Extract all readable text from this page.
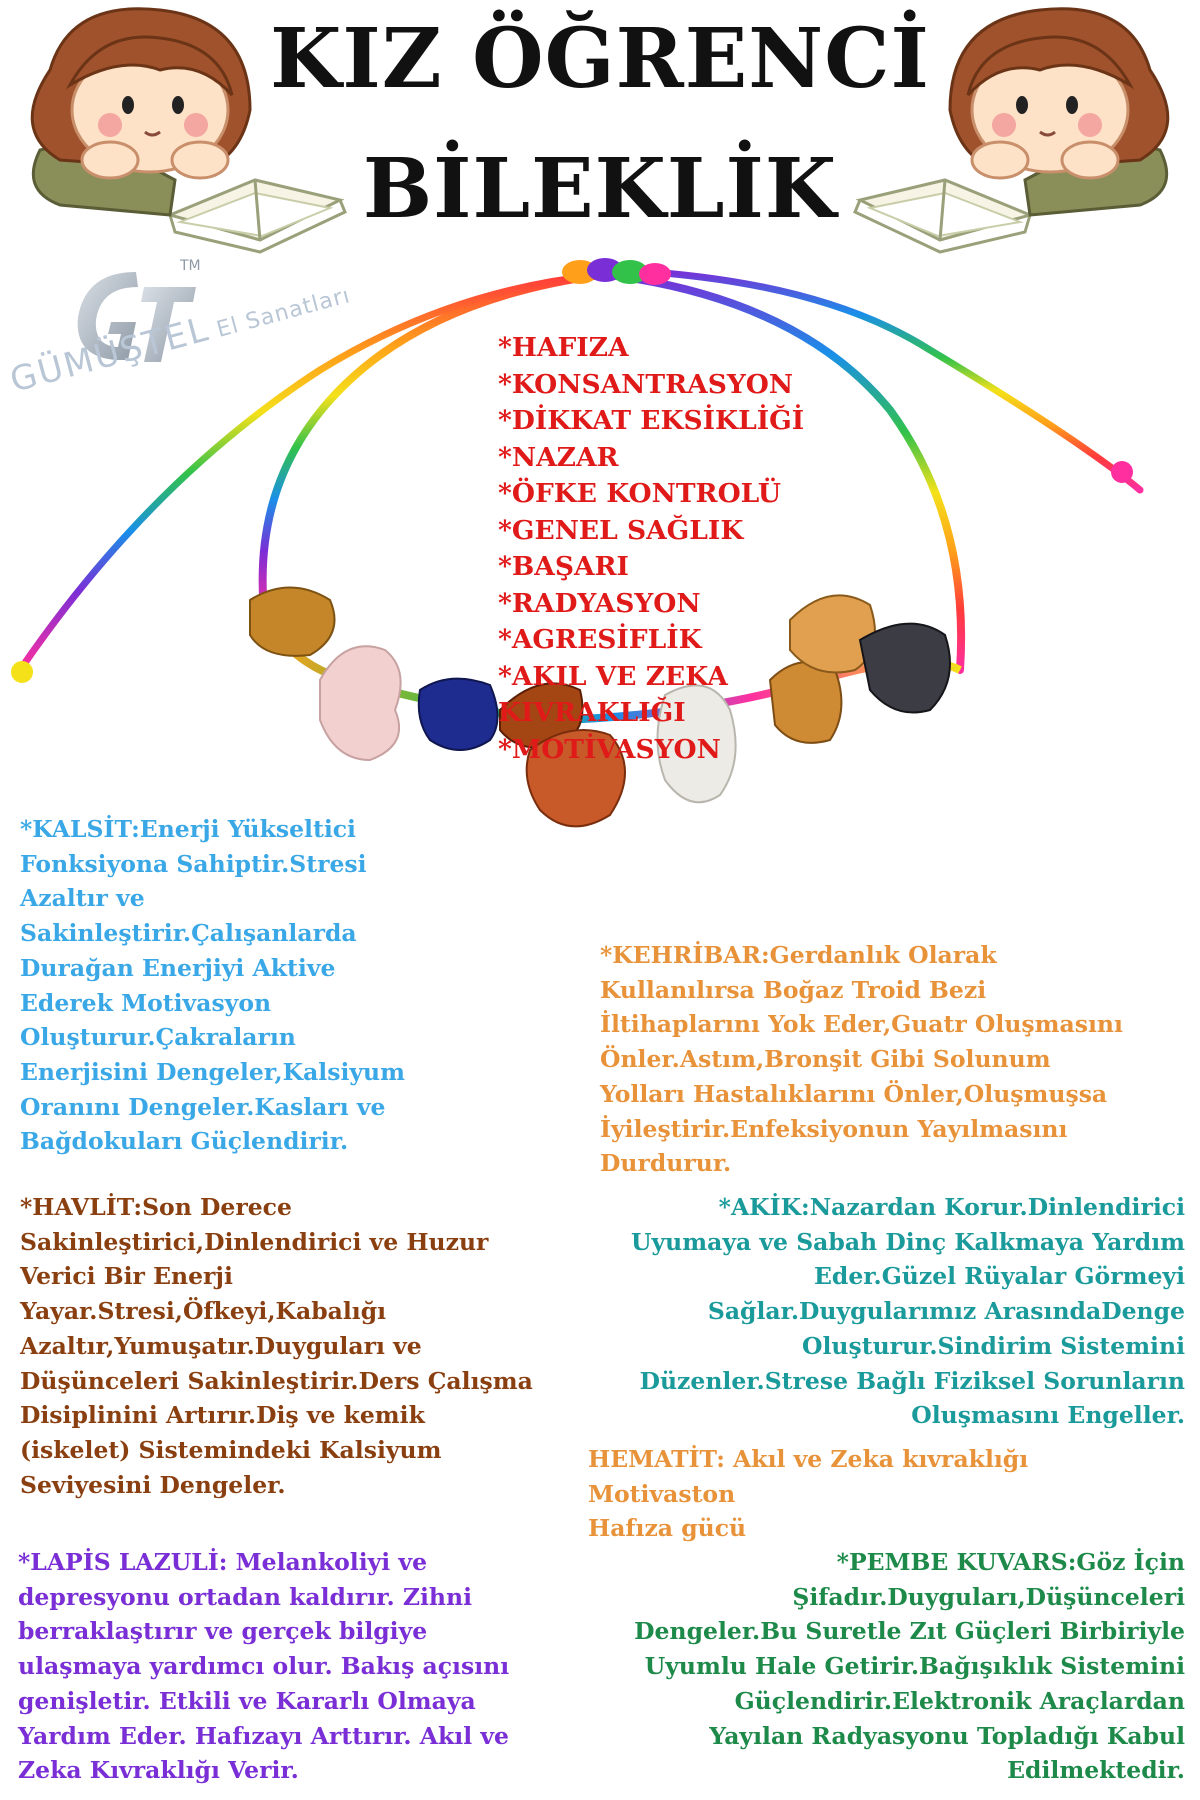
KIZ ÖĞRENCİ
BİLEKLİK
TM
GÜMÜŞTELEl Sanatları
*HAFIZA
*KONSANTRASYON
*DİKKAT EKSİKLİĞİ
*NAZAR
*ÖFKE KONTROLÜ
*GENEL SAĞLIK
*BAŞARI
*RADYASYON
*AGRESİFLİK
*AKIL VE ZEKA
KIVRAKLIĞI
*MOTİVASYON
*KALSİT:Enerji Yükseltici
Fonksiyona Sahiptir.Stresi
Azaltır ve
Sakinleştirir.Çalışanlarda
Durağan Enerjiyi Aktive
Ederek Motivasyon
Oluşturur.Çakraların
Enerjisini Dengeler,Kalsiyum
Oranını Dengeler.Kasları ve
Bağdokuları Güçlendirir.
*KEHRİBAR:Gerdanlık Olarak
Kullanılırsa Boğaz Troid Bezi
İltihaplarını Yok Eder,Guatr Oluşmasını
Önler.Astım,Bronşit Gibi Solunum
Yolları Hastalıklarını Önler,Oluşmuşsa
İyileştirir.Enfeksiyonun Yayılmasını
Durdurur.
*HAVLİT:Son Derece
Sakinleştirici,Dinlendirici ve Huzur
Verici Bir Enerji
Yayar.Stresi,Öfkeyi,Kabalığı
Azaltır,Yumuşatır.Duyguları ve
Düşünceleri Sakinleştirir.Ders Çalışma
Disiplinini Artırır.Diş ve kemik
(iskelet) Sistemindeki Kalsiyum
Seviyesini Dengeler.
*AKİK:Nazardan Korur.Dinlendirici
Uyumaya ve Sabah Dinç Kalkmaya Yardım
Eder.Güzel Rüyalar Görmeyi
Sağlar.Duygularımız ArasındaDenge
Oluşturur.Sindirim Sistemini
Düzenler.Strese Bağlı Fiziksel Sorunların
Oluşmasını Engeller.
HEMATİT: Akıl ve Zeka kıvraklığı
Motivaston
Hafıza gücü
*LAPİS LAZULİ: Melankoliyi ve
depresyonu ortadan kaldırır. Zihni
berraklaştırır ve gerçek bilgiye
ulaşmaya yardımcı olur. Bakış açısını
genişletir. Etkili ve Kararlı Olmaya
Yardım Eder. Hafızayı Arttırır. Akıl ve
Zeka Kıvraklığı Verir.
*PEMBE KUVARS:Göz İçin
Şifadır.Duyguları,Düşünceleri
Dengeler.Bu Suretle Zıt Güçleri Birbiriyle
Uyumlu Hale Getirir.Bağışıklık Sistemini
Güçlendirir.Elektronik Araçlardan
Yayılan Radyasyonu Topladığı Kabul
Edilmektedir.
